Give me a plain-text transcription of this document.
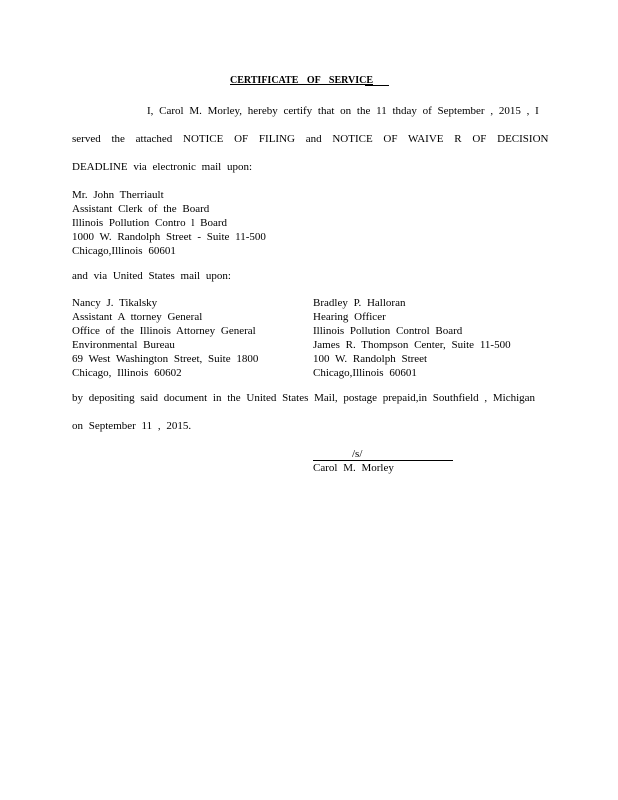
CERTIFICATE OF SERVICE
I, Carol M. Morley, hereby certify that on the 11 thday of September , 2015 , I
served the attached NOTICE OF FILING and NOTICE OF WAIVE R OF DECISION
DEADLINE via electronic mail upon:
Mr. John Therriault
Assistant Clerk of the Board
Illinois Pollution Contro l Board
1000 W. Randolph Street - Suite 11-500
Chicago,Illinois 60601
and via United States mail upon:
Nancy J. Tikalsky
Assistant A ttorney General
Office of the Illinois Attorney General
Environmental Bureau
69 West Washington Street, Suite 1800
Chicago, Illinois 60602
Bradley P. Halloran
Hearing Officer
Illinois Pollution Control Board
James R. Thompson Center, Suite 11-500
100 W. Randolph Street
Chicago,Illinois 60601
by depositing said document in the United States Mail, postage prepaid,in Southfield , Michigan
on September 11 , 2015.
/s/
Carol M. Morley
